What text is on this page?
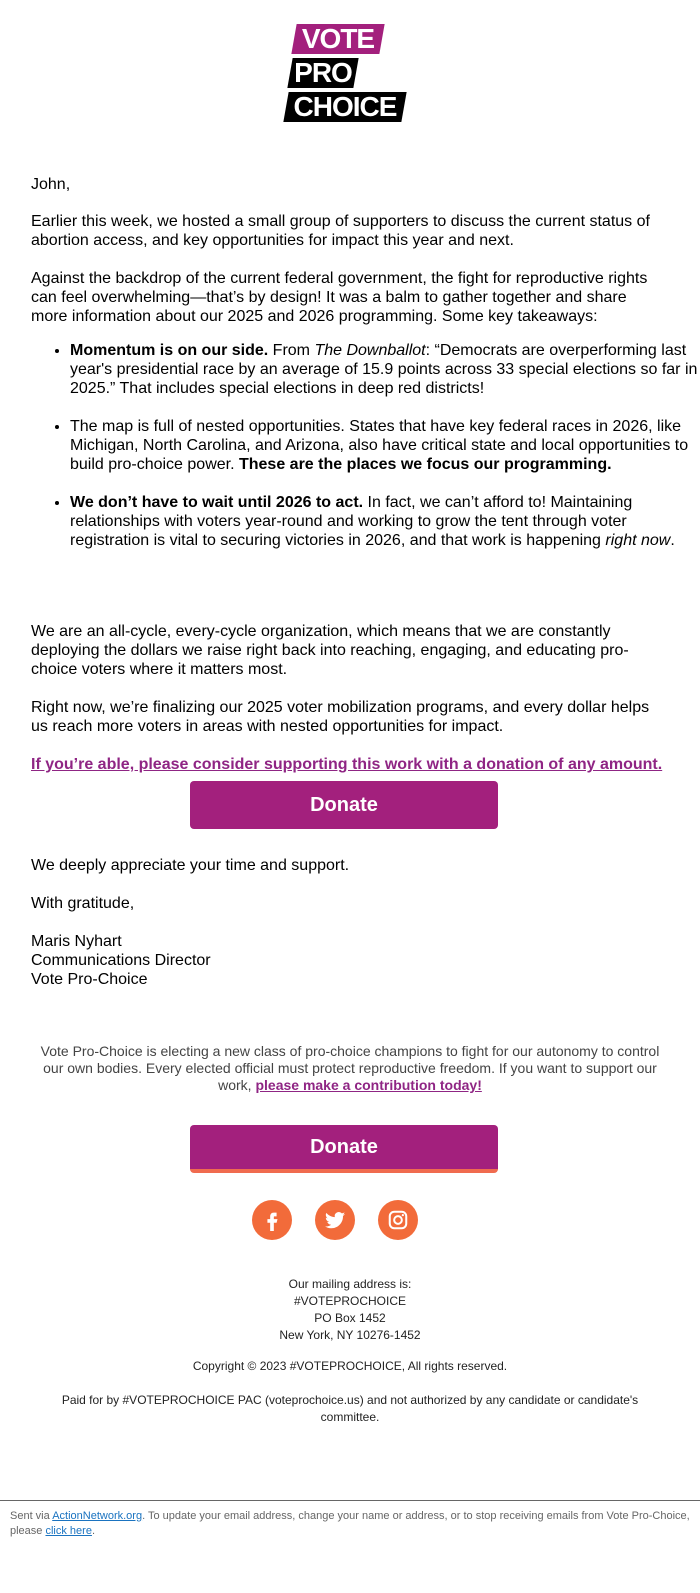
VOTE
PRO
CHOICE

John,

Earlier this week, we hosted a small group of supporters to discuss the current status of abortion access, and key opportunities for impact this year and next.

Against the backdrop of the current federal government, the fight for reproductive rights can feel overwhelming—that’s by design! It was a balm to gather together and share more information about our 2025 and 2026 programming. Some key takeaways:

• Momentum is on our side. From The Downballot: “Democrats are overperforming last year's presidential race by an average of 15.9 points across 33 special elections so far in 2025.” That includes special elections in deep red districts!
• The map is full of nested opportunities. States that have key federal races in 2026, like Michigan, North Carolina, and Arizona, also have critical state and local opportunities to build pro-choice power. These are the places we focus our programming.
• We don’t have to wait until 2026 to act. In fact, we can’t afford to! Maintaining relationships with voters year-round and working to grow the tent through voter registration is vital to securing victories in 2026, and that work is happening right now.

We are an all-cycle, every-cycle organization, which means that we are constantly deploying the dollars we raise right back into reaching, engaging, and educating pro-choice voters where it matters most.

Right now, we’re finalizing our 2025 voter mobilization programs, and every dollar helps us reach more voters in areas with nested opportunities for impact.

If you’re able, please consider supporting this work with a donation of any amount.

We deeply appreciate your time and support.

With gratitude,

Maris Nyhart

Communications Director

Vote Pro-Choice

Donate
Vote Pro-Choice is electing a new class of pro-choice champions to fight for our autonomy to control our own bodies. Every elected official must protect reproductive freedom. If you want to support our work, please make a contribution today!
Donate
Our mailing address is:
#VOTEPROCHOICE
PO Box 1452
New York, NY 10276-1452
Copyright © 2023 #VOTEPROCHOICE, All rights reserved.
Paid for by #VOTEPROCHOICE PAC (voteprochoice.us) and not authorized by any candidate or candidate's committee.
Sent via ActionNetwork.org. To update your email address, change your name or address, or to stop receiving emails from Vote Pro-Choice, please click here.
